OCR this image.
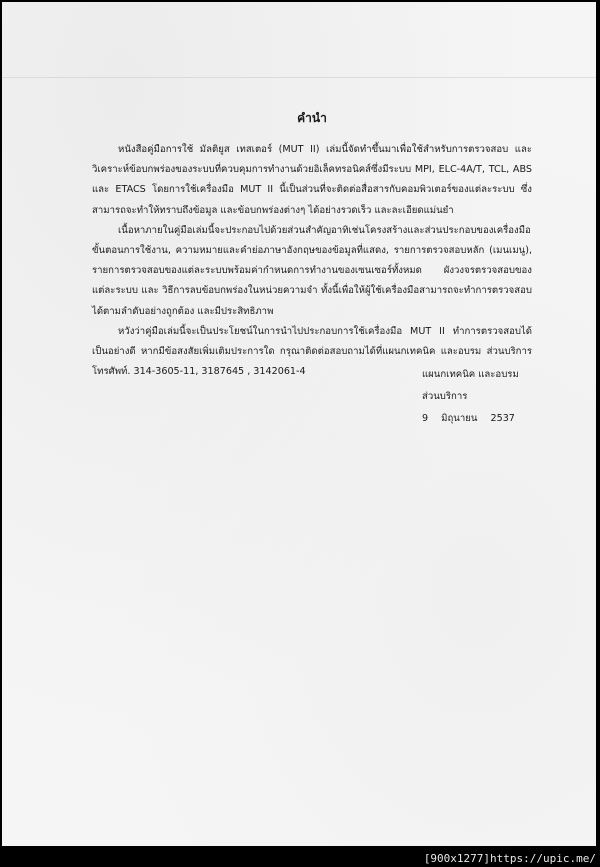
คำนำ

หนังสือคู่มือการใช้ มัลติยูส เทสเตอร์ (MUT II) เล่มนี้จัดทำขึ้นมาเพื่อใช้สำหรับการตรวจสอบ และ วิเคราะห์ข้อบกพร่องของระบบที่ควบคุมการทำงานด้วยอิเล็คทรอนิคส์ซึ่งมีระบบ MPI, ELC-4A/T, TCL, ABS และ ETACS โดยการใช้เครื่องมือ MUT II นี้เป็นส่วนที่จะติดต่อสื่อสารกับคอมพิวเตอร์ของแต่ละระบบ ซึ่งสามารถจะทำให้ทราบถึงข้อมูล และข้อบกพร่องต่างๆ ได้อย่างรวดเร็ว และละเอียดแม่นยำ

เนื้อหาภายในคู่มือเล่มนี้จะประกอบไปด้วยส่วนสำคัญอาทิเช่นโครงสร้างและส่วนประกอบของเครื่องมือ ขั้นตอนการใช้งาน, ความหมายและคำย่อภาษาอังกฤษของข้อมูลที่แสดง, รายการตรวจสอบหลัก (เมนเมนู), รายการตรวจสอบของแต่ละระบบพร้อมค่ากำหนดการทำงานของเซนเซอร์ทั้งหมด ผังวงจรตรวจสอบของแต่ละระบบ และ วิธีการลบข้อบกพร่องในหน่วยความจำ ทั้งนี้เพื่อให้ผู้ใช้เครื่องมือสามารถจะทำการตรวจสอบได้ตามลำดับอย่างถูกต้อง และมีประสิทธิภาพ

หวังว่าคู่มือเล่มนี้จะเป็นประโยชน์ในการนำไปประกอบการใช้เครื่องมือ MUT II ทำการตรวจสอบได้เป็นอย่างดี หากมีข้อสงสัยเพิ่มเติมประการใด กรุณาติดต่อสอบถามได้ที่แผนกเทคนิค และอบรม ส่วนบริการ โทรศัพท์. 314-3605-11, 3187645 , 3142061-4	แผนกเทคนิค และอบรม
ส่วนบริการ
9 มิถุนายน 2537
[900x1277]https://upic.me/
